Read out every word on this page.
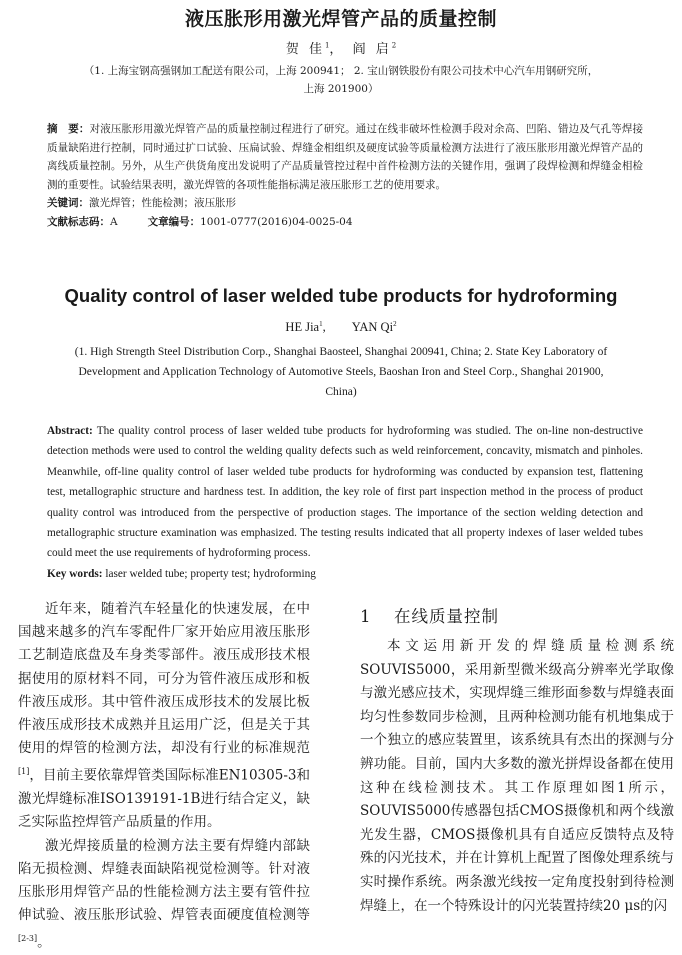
液压胀形用激光焊管产品的质量控制
贺 佳$^1$， 阎 启$^2$
（1. 上海宝钢高强钢加工配送有限公司，上海 200941； 2. 宝山钢铁股份有限公司技术中心汽车用钢研究所，
上海 201900）

摘　要：对液压胀形用激光焊管产品的质量控制过程进行了研究。通过在线非破坏性检测手段对余高、凹陷、错边及气孔等焊接质量缺陷进行控制，同时通过扩口试验、压扁试验、焊缝金相组织及硬度试验等质量检测方法进行了液压胀形用激光焊管产品的离线质量控制。另外，从生产供货角度出发说明了产品质量管控过程中首件检测方法的关键作用，强调了段焊检测和焊缝金相检测的重要性。试验结果表明，激光焊管的各项性能指标满足液压胀形工艺的使用要求。

关键词：激光焊管；性能检测；液压胀形

文献标志码：A	文章编号：1001-0777(2016)04-0025-04

Quality control of laser welded tube products for hydroforming
HE Jia$^1$, YAN Qi$^2$
(1. High Strength Steel Distribution Corp., Shanghai Baosteel, Shanghai 200941, China; 2. State Key Laboratory of
Development and Application Technology of Automotive Steels, Baoshan Iron and Steel Corp., Shanghai 201900,
China)

Abstract: The quality control process of laser welded tube products for hydroforming was studied. The on-line non-destructive detection methods were used to control the welding quality defects such as weld reinforcement, concavity, mismatch and pinholes. Meanwhile, off-line quality control of laser welded tube products for hydroforming was conducted by expansion test, flattening test, metallographic structure and hardness test. In addition, the key role of first part inspection method in the process of product quality control was introduced from the perspective of production stages. The importance of the section welding detection and metallographic structure examination was emphasized. The testing results indicated that all property indexes of laser welded tubes could meet the use requirements of hydroforming process.

Key words: laser welded tube; property test; hydroforming

近年来，随着汽车轻量化的快速发展，在中国越来越多的汽车零配件厂家开始应用液压胀形工艺制造底盘及车身类零部件。液压成形技术根据使用的原材料不同，可分为管件液压成形和板件液压成形。其中管件液压成形技术的发展比板件液压成形技术成熟并且运用广泛，但是关于其使用的焊管的检测方法，却没有行业的标准规范[1]，目前主要依靠焊管类国际标准EN10305-3和激光焊缝标准ISO139191-1B进行结合定义，缺乏实际监控焊管产品质量的作用。

激光焊接质量的检测方法主要有焊缝内部缺陷无损检测、焊缝表面缺陷视觉检测等。针对液压胀形用焊管产品的性能检测方法主要有管件拉伸试验、液压胀形试验、焊管表面硬度值检测等[2-3]。

1 在线质量控制

本文运用新开发的焊缝质量检测系统SOUVIS5000，采用新型微米级高分辨率光学取像与激光感应技术，实现焊缝三维形面参数与焊缝表面均匀性参数同步检测，且两种检测功能有机地集成于一个独立的感应装置里，该系统具有杰出的探测与分辨功能。目前，国内大多数的激光拼焊设备都在使用这种在线检测技术。其工作原理如图1所示，SOUVIS5000传感器包括CMOS摄像机和两个线激光发生器，CMOS摄像机具有自适应反馈特点及特殊的闪光技术，并在计算机上配置了图像处理系统与实时操作系统。两条激光线按一定角度投射到待检测焊缝上，在一个特殊设计的闪光装置持续20 μs的闪
